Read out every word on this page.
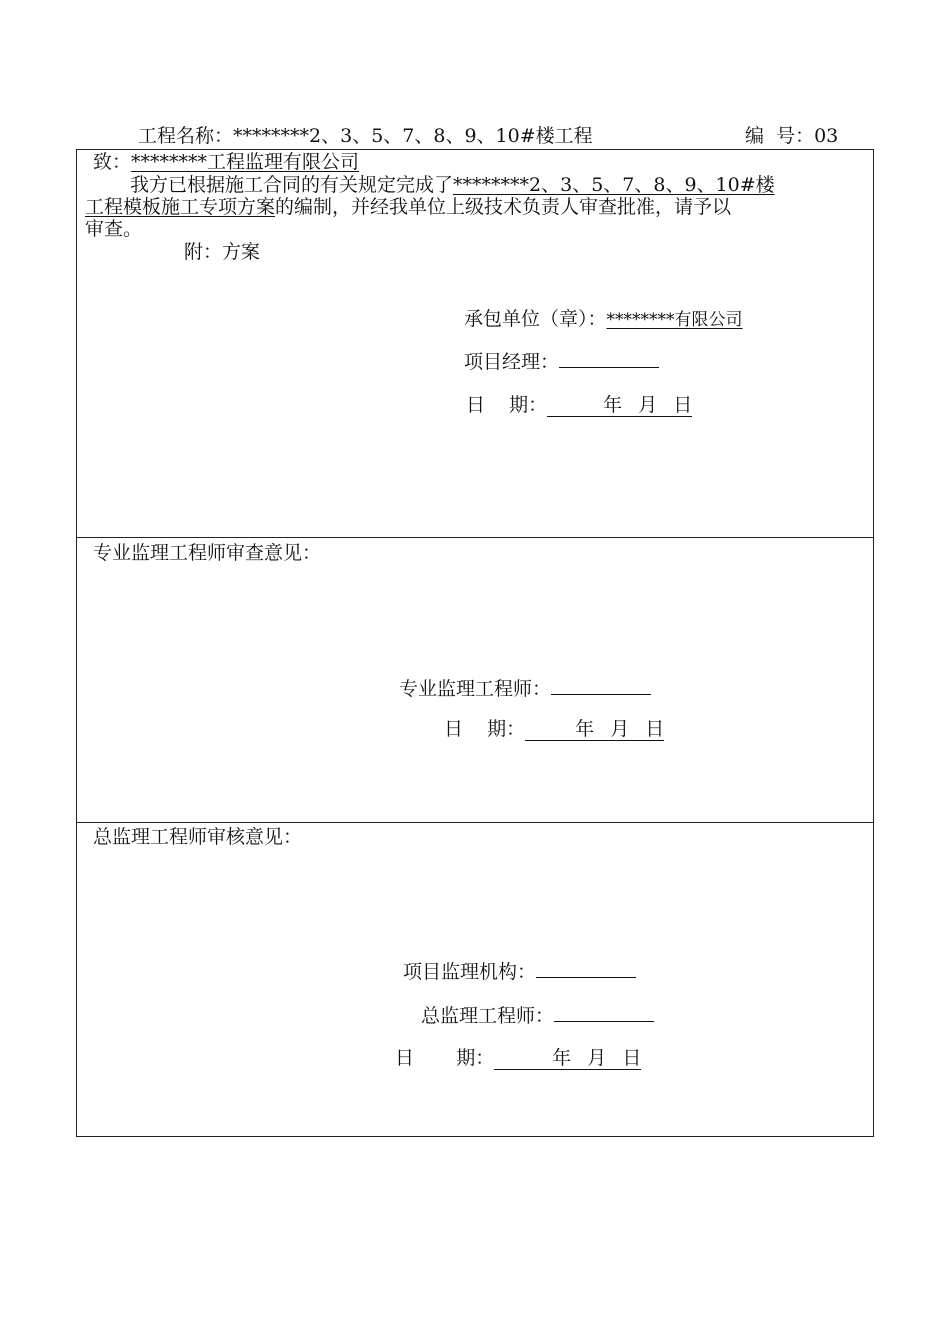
工程名称：********2、3、5、7、8、9、10#楼工程	编  号：03
致：********工程监理有限公司
我方已根据施工合同的有关规定完成了********2、3、5、7、8、9、10#楼
工程模板施工专项方案的编制，并经我单位上级技术负责人审查批准，请予以
审查。
附：方案
承包单位（章）：********有限公司
项目经理：
日    期：	年 月 日
专业监理工程师审查意见：
专业监理工程师：
日    期：	年 月 日
总监理工程师审核意见：
项目监理机构：
总监理工程师：
日       期：	年 月 日
